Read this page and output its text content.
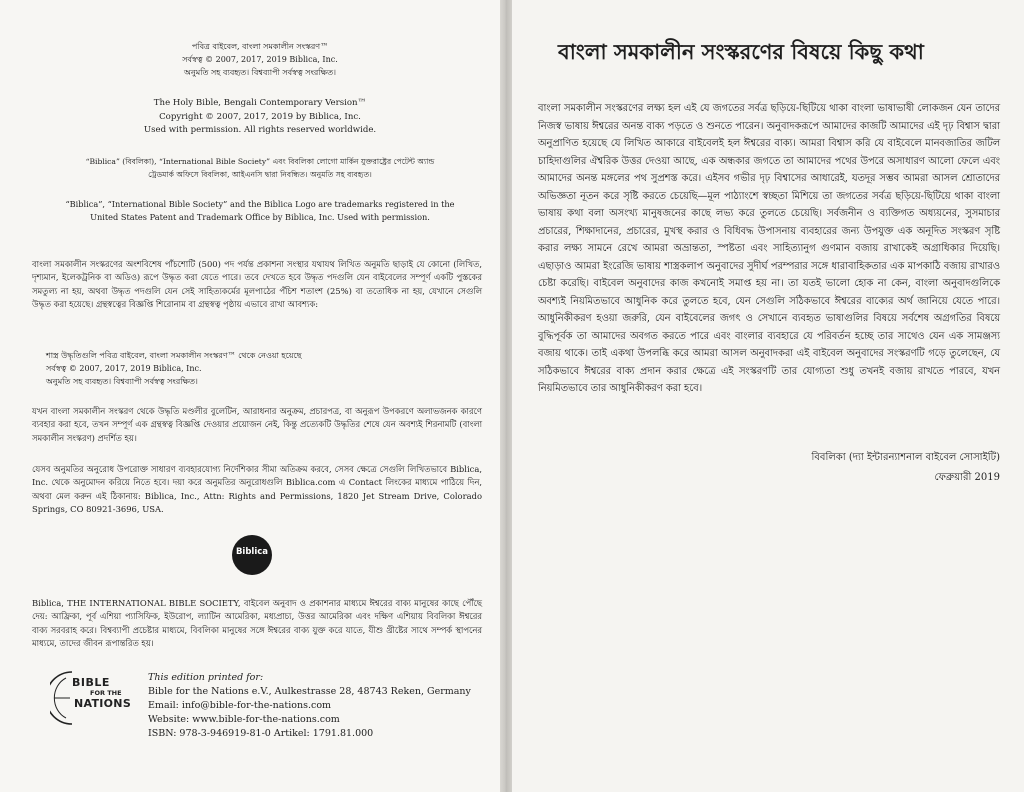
পবিত্র বাইবেল, বাংলা সমকালীন সংস্করণ™

সর্বস্বত্ব © 2007, 2017, 2019 Biblica, Inc.

অনুমতি সহ ব্যবহৃত। বিশ্বব্যাপী সর্বস্বত্ব সংরক্ষিত।

The Holy Bible, Bengali Contemporary Version™

Copyright © 2007, 2017, 2019 by Biblica, Inc.

Used with permission. All rights reserved worldwide.

“Biblica” (বিবলিকা), “International Bible Society” এবং বিবলিকা লোগো মার্কিন যুক্তরাষ্ট্রের পেটেন্ট অ্যান্ড

ট্রেডমার্ক অফিসে বিবলিকা, আইএনসি দ্বারা নিবন্ধিত। অনুমতি সহ ব্যবহৃত।

“Biblica”, “International Bible Society” and the Biblica Logo are trademarks registered in the

United States Patent and Trademark Office by Biblica, Inc. Used with permission.

বাংলা সমকালীন সংস্করণের অংশবিশেষ পাঁচশোটি (500) পদ পর্যন্ত প্রকাশনা সংস্থার যথাযথ লিখিত অনুমতি ছাড়াই যে কোনো (লিখিত, দৃশ্যমান, ইলেকট্রনিক বা অডিও) রূপে উদ্ধৃত করা যেতে পারে। তবে দেখতে হবে উদ্ধৃত পদগুলি যেন বাইবেলের সম্পূর্ণ একটি পুস্তকের সমতুল্য না হয়, অথবা উদ্ধৃত পদগুলি যেন সেই সাহিত্যকর্মের মূলপাঠের পঁচিশ শতাংশ (25%) বা ততোধিক না হয়, যেখানে সেগুলি উদ্ধৃত করা হয়েছে। গ্রন্থস্বত্বের বিজ্ঞপ্তি শিরোনাম বা গ্রন্থস্বত্ব পৃষ্ঠায় এভাবে রাখা আবশ্যক:

শাস্ত্র উদ্ধৃতিগুলি পবিত্র বাইবেল, বাংলা সমকালীন সংস্করণ™ থেকে নেওয়া হয়েছে

সর্বস্বত্ব © 2007, 2017, 2019 Biblica, Inc.

অনুমতি সহ ব্যবহৃত। বিশ্বব্যাপী সর্বস্বত্ব সংরক্ষিত।

যখন বাংলা সমকালীন সংস্করণ থেকে উদ্ধৃতি মণ্ডলীর বুলেটিন, আরাধনার অনুক্রম, প্রচারপত্র, বা অনুরূপ উপকরণে অলাভজনক কারণে ব্যবহার করা হবে, তখন সম্পূর্ণ এক গ্রন্থস্বত্ব বিজ্ঞপ্তি দেওয়ার প্রয়োজন নেই, কিন্তু প্রত্যেকটি উদ্ধৃতির শেষে যেন অবশ্যই শিরনামটি (বাংলা সমকালীন সংস্করণ) প্রদর্শিত হয়।

যেসব অনুমতির অনুরোধ উপরোক্ত সাধারণ ব্যবহারযোগ্য নির্দেশিকার সীমা অতিক্রম করবে, সেসব ক্ষেত্রে সেগুলি লিখিতভাবে Biblica, Inc. থেকে অনুমোদন করিয়ে নিতে হবে। দয়া করে অনুমতির অনুরোধগুলি Biblica.com এ Contact লিংকের মাধ্যমে পাঠিয়ে দিন, অথবা মেল করুন এই ঠিকানায়: Biblica, Inc., Attn: Rights and Permissions, 1820 Jet Stream Drive, Colorado Springs, CO 80921-3696, USA.

Biblica

Biblica, THE INTERNATIONAL BIBLE SOCIETY, বাইবেল অনুবাদ ও প্রকাশনার মাধ্যমে ঈশ্বরের বাক্য মানুষের কাছে পৌঁছে দেয়: আফ্রিকা, পূর্ব এশিয়া প্যাসিফিক, ইউরোপ, ল্যাটিন আমেরিকা, মধ্যপ্রাচ্য, উত্তর আমেরিকা এবং দক্ষিণ এশিয়ায় বিবলিকা ঈশ্বরের বাক্য সরবরাহ করে। বিশ্বব্যাপী প্রচেষ্টার মাধ্যমে, বিবলিকা মানুষের সঙ্গে ঈশ্বরের বাক্য যুক্ত করে যাতে, যীশু খ্রীষ্টের সাথে সম্পর্ক স্থাপনের মাধ্যমে, তাদের জীবন রূপান্তরিত হয়।

BIBLE
FOR THE
NATIONS

This edition printed for:

Bible for the Nations e.V., Aulkestrasse 28, 48743 Reken, Germany

Email: info@bible-for-the-nations.com

Website: www.bible-for-the-nations.com

ISBN: 978-3-946919-81-0 Artikel: 1791.81.000

বাংলা সমকালীন সংস্করণের বিষয়ে কিছু কথা

বাংলা সমকালীন সংস্করণের লক্ষ্য হল এই যে জগতের সর্বত্র ছড়িয়ে-ছিটিয়ে থাকা বাংলা ভাষাভাষী লোকজন যেন তাদের নিজস্ব ভাষায় ঈশ্বরের অনন্ত বাক্য পড়তে ও শুনতে পারেন। অনুবাদকরূপে আমাদের কাজটি আমাদের এই দৃঢ় বিশ্বাস দ্বারা অনুপ্রাণিত হয়েছে যে লিখিত আকারে বাইবেলই হল ঈশ্বরের বাক্য। আমরা বিশ্বাস করি যে বাইবেলে মানবজাতির জটিল চাহিদাগুলির ঐশ্বরিক উত্তর দেওয়া আছে, এক অন্ধকার জগতে তা আমাদের পথের উপরে অসাধারণ আলো ফেলে এবং আমাদের অনন্ত মঙ্গলের পথ সুপ্রশস্ত করে। এইসব গভীর দৃঢ় বিশ্বাসের আধারেই, যতদূর সম্ভব আমরা আসল শ্রোতাদের অভিজ্ঞতা নূতন করে সৃষ্টি করতে চেয়েছি—মূল পাঠ্যাংশে স্বচ্ছতা মিশিয়ে তা জগতের সর্বত্র ছড়িয়ে-ছিটিয়ে থাকা বাংলা ভাষায় কথা বলা অসংখ্য মানুষজনের কাছে লভ্য করে তুলতে চেয়েছি। সর্বজনীন ও ব্যক্তিগত অধ্যয়নের, সুসমাচার প্রচারের, শিক্ষাদানের, প্রচারের, মুখস্থ করার ও বিধিবদ্ধ উপাসনায় ব্যবহারের জন্য উপযুক্ত এক অনূদিত সংস্করণ সৃষ্টি করার লক্ষ্য সামনে রেখে আমরা অভ্রান্ততা, স্পষ্টতা এবং সাহিত্যানুগ গুণমান বজায় রাখাকেই অগ্রাধিকার দিয়েছি। এছাড়াও আমরা ইংরেজি ভাষায় শাস্ত্রকলাপ অনুবাদের সুদীর্ঘ পরম্পরার সঙ্গে ধারাবাহিকতার এক মাপকাঠি বজায় রাখারও চেষ্টা করেছি। বাইবেল অনুবাদের কাজ কখনোই সমাপ্ত হয় না। তা যতই ভালো হোক না কেন, বাংলা অনুবাদগুলিকে অবশ্যই নিয়মিতভাবে আধুনিক করে তুলতে হবে, যেন সেগুলি সঠিকভাবে ঈশ্বরের বাক্যের অর্থ জানিয়ে যেতে পারে। আধুনিকীকরণ হওয়া জরুরি, যেন বাইবেলের জগৎ ও সেখানে ব্যবহৃত ভাষাগুলির বিষয়ে সর্বশেষ অগ্রগতির বিষয়ে বুদ্ধিপূর্বক তা আমাদের অবগত করতে পারে এবং বাংলার ব্যবহারে যে পরিবর্তন হচ্ছে তার সাথেও যেন এক সামঞ্জস্য বজায় থাকে। তাই একথা উপলব্ধি করে আমরা আসল অনুবাদকরা এই বাইবেল অনুবাদের সংস্করণটি গড়ে তুলেছেন, যে সঠিকভাবে ঈশ্বরের বাক্য প্রদান করার ক্ষেত্রে এই সংস্করণটি তার যোগ্যতা শুধু তখনই বজায় রাখতে পারবে, যখন নিয়মিতভাবে তার আধুনিকীকরণ করা হবে।

বিবলিকা (দ্যা ইন্টারন্যাশনাল বাইবেল সোসাইটি)
ফেব্রুয়ারী 2019
